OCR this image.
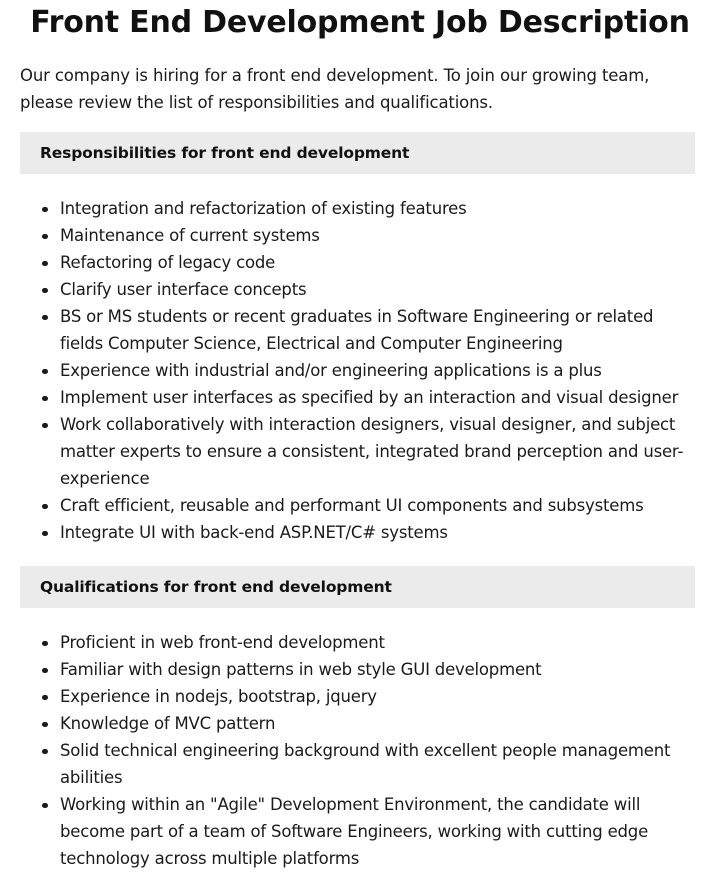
Front End Development Job Description

Our company is hiring for a front end development. To join our growing team, please review the list of responsibilities and qualifications.

Responsibilities for front end development
Integration and refactorization of existing features
Maintenance of current systems
Refactoring of legacy code
Clarify user interface concepts
BS or MS students or recent graduates in Software Engineering or related fields Computer Science, Electrical and Computer Engineering
Experience with industrial and/or engineering applications is a plus
Implement user interfaces as specified by an interaction and visual designer
Work collaboratively with interaction designers, visual designer, and subject matter experts to ensure a consistent, integrated brand perception and user-experience
Craft efficient, reusable and performant UI components and subsystems
Integrate UI with back-end ASP.NET/C# systems
Qualifications for front end development
Proficient in web front-end development
Familiar with design patterns in web style GUI development
Experience in nodejs, bootstrap, jquery
Knowledge of MVC pattern
Solid technical engineering background with excellent people management abilities
Working within an "Agile" Development Environment, the candidate will become part of a team of Software Engineers, working with cutting edge technology across multiple platforms
